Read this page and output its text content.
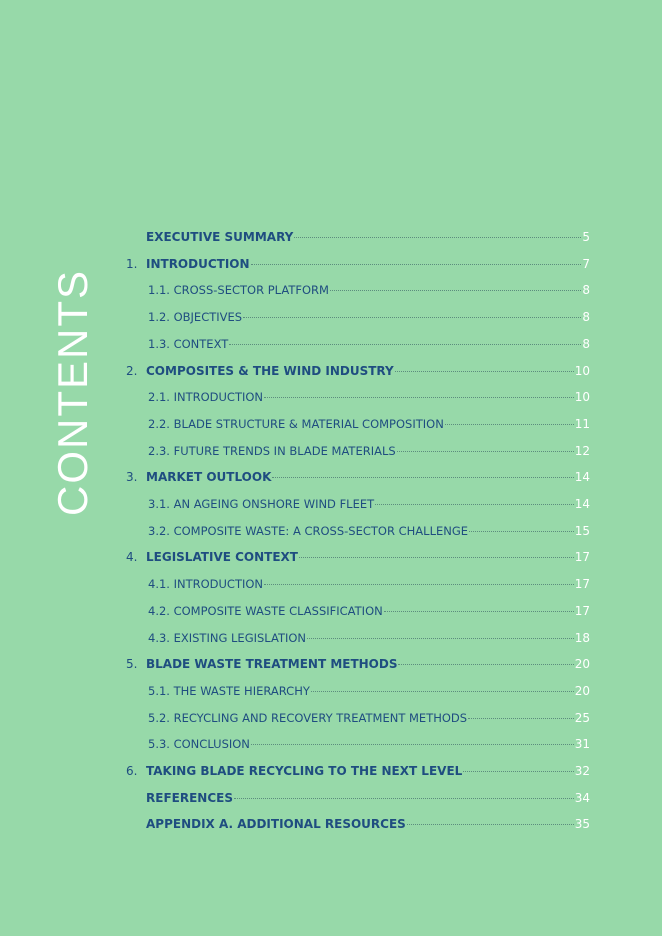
CONTENTS
EXECUTIVE SUMMARY	5
1. INTRODUCTION	7
1.1. CROSS-SECTOR PLATFORM	8
1.2. OBJECTIVES	8
1.3. CONTEXT	8
2. COMPOSITES & THE WIND INDUSTRY	10
2.1. INTRODUCTION	10
2.2. BLADE STRUCTURE & MATERIAL COMPOSITION	11
2.3. FUTURE TRENDS IN BLADE MATERIALS	12
3. MARKET OUTLOOK	14
3.1. AN AGEING ONSHORE WIND FLEET	14
3.2. COMPOSITE WASTE: A CROSS-SECTOR CHALLENGE	15
4. LEGISLATIVE CONTEXT	17
4.1. INTRODUCTION	17
4.2. COMPOSITE WASTE CLASSIFICATION	17
4.3. EXISTING LEGISLATION	18
5. BLADE WASTE TREATMENT METHODS	20
5.1. THE WASTE HIERARCHY	20
5.2. RECYCLING AND RECOVERY TREATMENT METHODS	25
5.3. CONCLUSION	31
6. TAKING BLADE RECYCLING TO THE NEXT LEVEL	32
REFERENCES	34
APPENDIX A. ADDITIONAL RESOURCES	35
